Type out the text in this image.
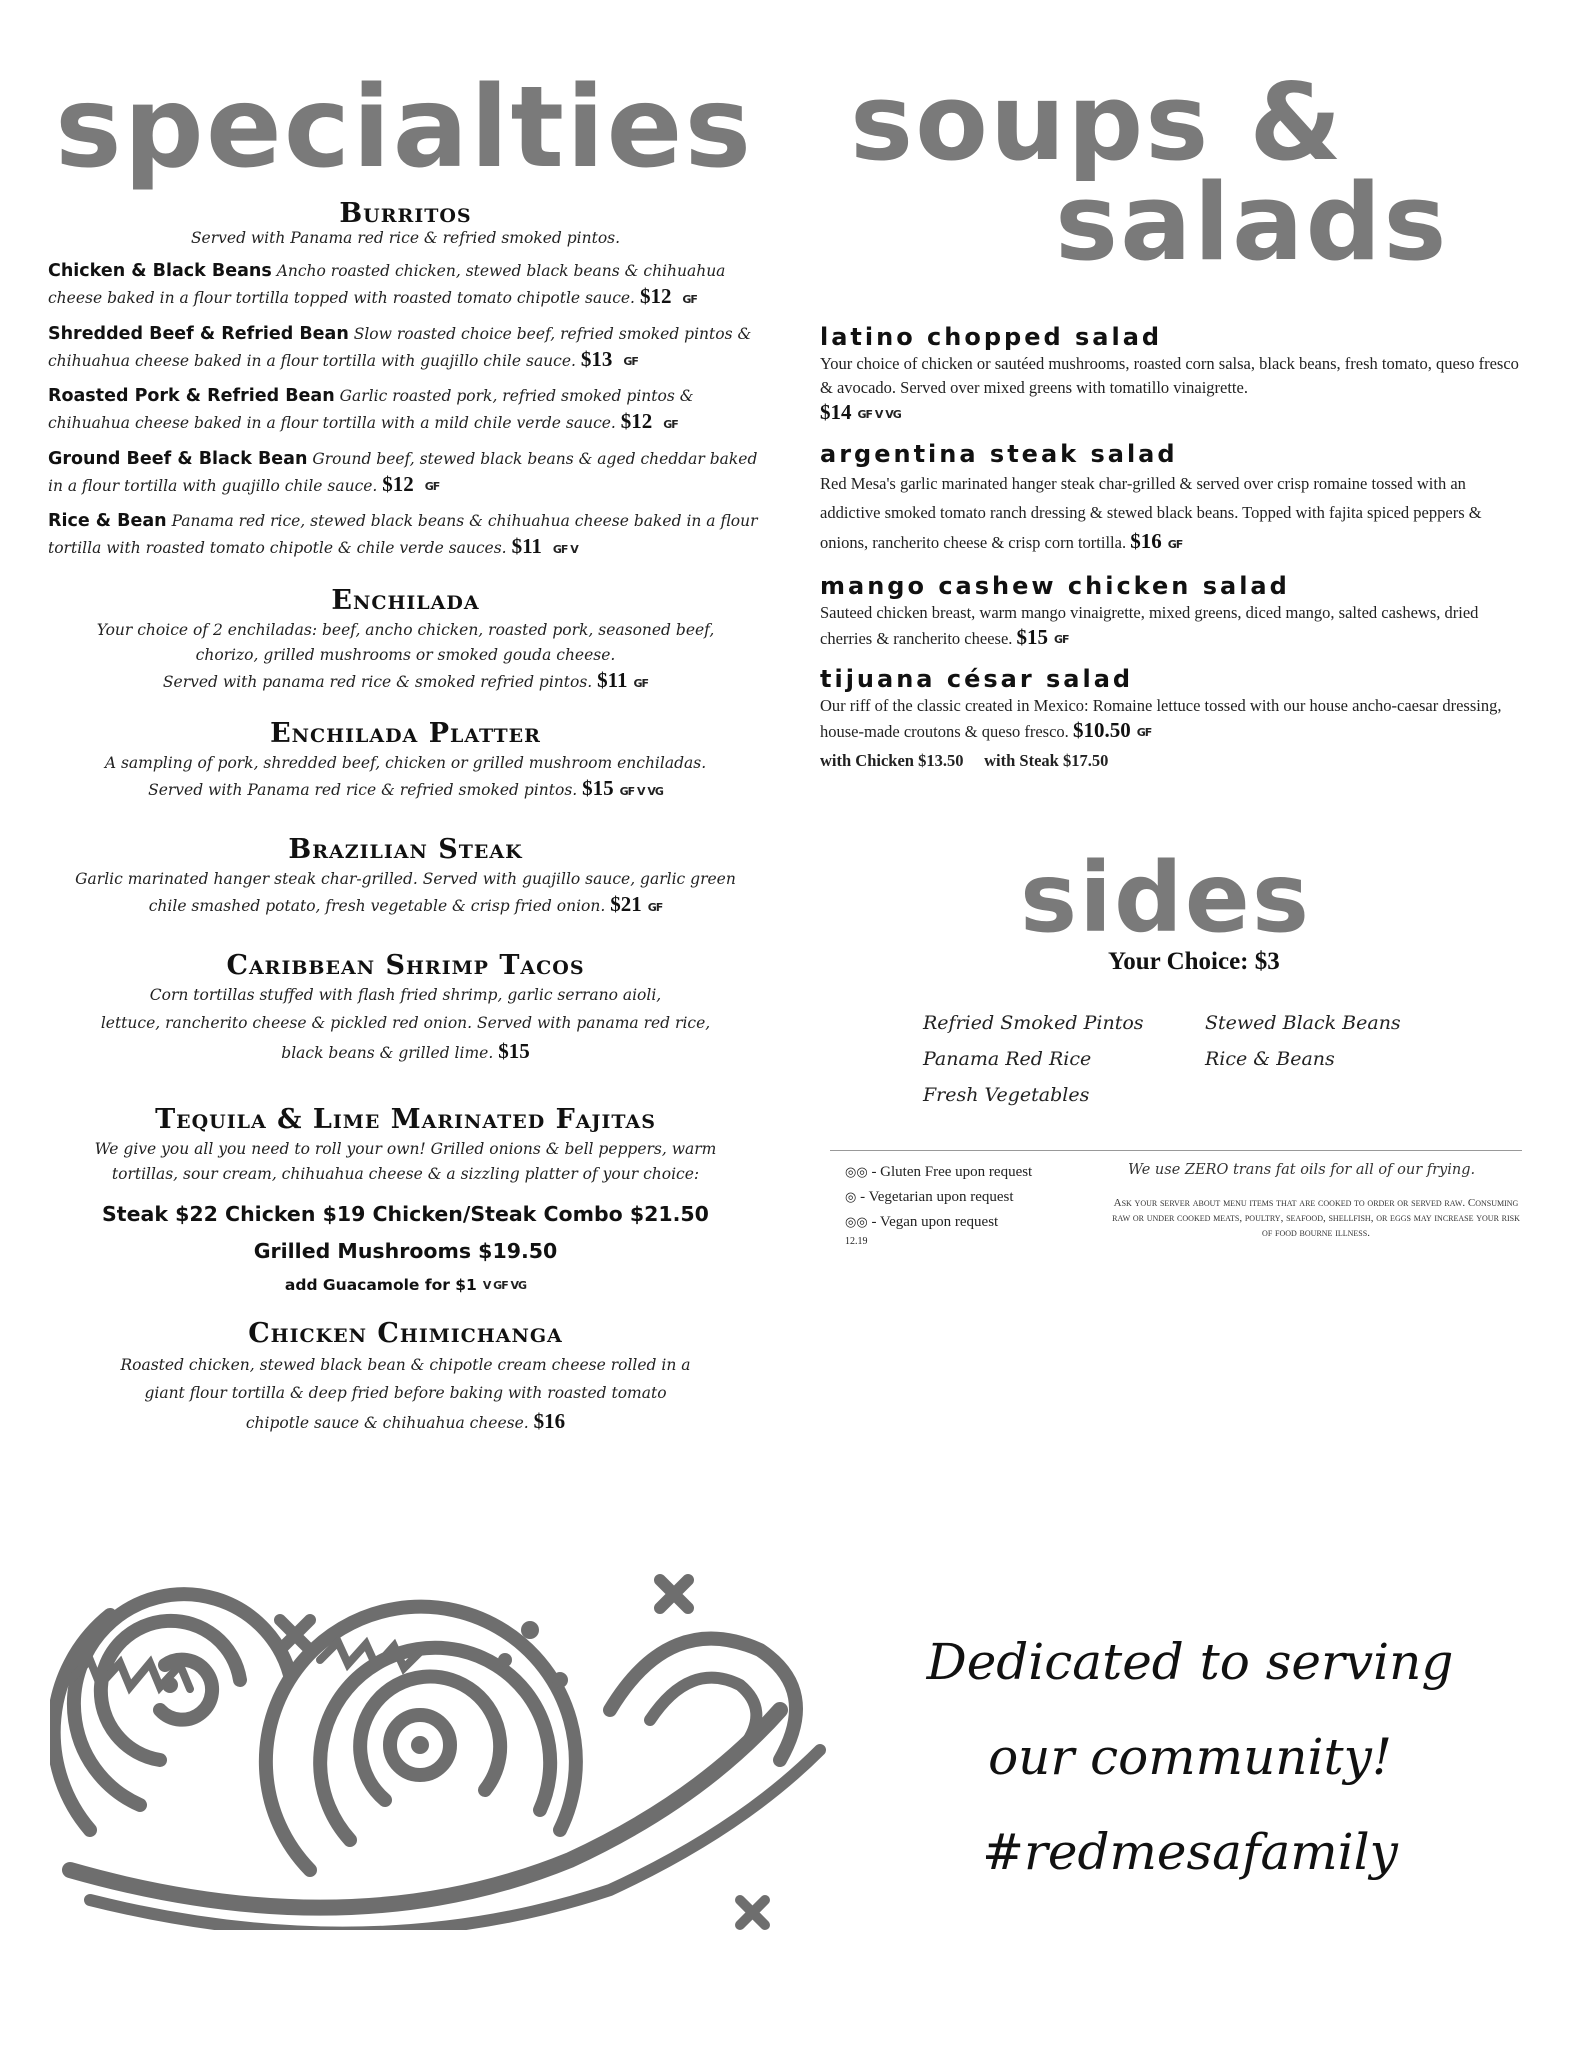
specialties
Burritos

Served with Panama red rice & refried smoked pintos.

Chicken & Black Beans Ancho roasted chicken, stewed black beans & chihuahua cheese baked in a flour tortilla topped with roasted tomato chipotle sauce. $12 GF

Shredded Beef & Refried Bean Slow roasted choice beef, refried smoked pintos & chihuahua cheese baked in a flour tortilla with guajillo chile sauce. $13 GF

Roasted Pork & Refried Bean Garlic roasted pork, refried smoked pintos & chihuahua cheese baked in a flour tortilla with a mild chile verde sauce. $12 GF

Ground Beef & Black Bean Ground beef, stewed black beans & aged cheddar baked in a flour tortilla with guajillo chile sauce. $12 GF

Rice & Bean Panama red rice, stewed black beans & chihuahua cheese baked in a flour tortilla with roasted tomato chipotle & chile verde sauces. $11 GF V

Enchilada
Your choice of 2 enchiladas: beef, ancho chicken, roasted pork, seasoned beef,
chorizo, grilled mushrooms or smoked gouda cheese.
Served with panama red rice & smoked refried pintos. $11 GF
Enchilada Platter
A sampling of pork, shredded beef, chicken or grilled mushroom enchiladas.
Served with Panama red rice & refried smoked pintos. $15 GF V VG
Brazilian Steak
Garlic marinated hanger steak char-grilled. Served with guajillo sauce, garlic green
chile smashed potato, fresh vegetable & crisp fried onion. $21 GF
Caribbean Shrimp Tacos
Corn tortillas stuffed with flash fried shrimp, garlic serrano aioli,
lettuce, rancherito cheese & pickled red onion. Served with panama red rice,
black beans & grilled lime. $15
Tequila & Lime Marinated Fajitas
We give you all you need to roll your own! Grilled onions & bell peppers, warm
tortillas, sour cream, chihuahua cheese & a sizzling platter of your choice:
Steak $22 Chicken $19 Chicken/Steak Combo $21.50
Grilled Mushrooms $19.50
add Guacamole for $1 V GF VG
Chicken Chimichanga
Roasted chicken, stewed black bean & chipotle cream cheese rolled in a
giant flour tortilla & deep fried before baking with roasted tomato
chipotle sauce & chihuahua cheese. $16
soups &
salads
latino chopped salad

Your choice of chicken or sautéed mushrooms, roasted corn salsa, black beans, fresh tomato, queso fresco & avocado. Served over mixed greens with tomatillo vinaigrette.

$14 GF V VG

argentina steak salad

Red Mesa's garlic marinated hanger steak char-grilled & served over crisp romaine tossed with an addictive smoked tomato ranch dressing & stewed black beans. Topped with fajita spiced peppers & onions, rancherito cheese & crisp corn tortilla. $16 GF

mango cashew chicken salad

Sauteed chicken breast, warm mango vinaigrette, mixed greens, diced mango, salted cashews, dried cherries & rancherito cheese. $15 GF

tijuana césar salad

Our riff of the classic created in Mexico: Romaine lettuce tossed with our house ancho-caesar dressing, house-made croutons & queso fresco. $10.50 GF

with Chicken $13.50 with Steak $17.50

sides
Your Choice: $3
Refried Smoked Pintos
Panama Red Rice
Fresh Vegetables
Stewed Black Beans
Rice & Beans
◎◎ - Gluten Free upon request
◎ - Vegetarian upon request
◎◎ - Vegan upon request
12.19
We use ZERO trans fat oils for all of our frying.
Ask your server about menu items that are cooked to order or served raw. Consuming raw or under cooked meats, poultry, seafood, shellfish, or eggs may increase your risk of food bourne illness.
Dedicated to serving
our community!
#redmesafamily
